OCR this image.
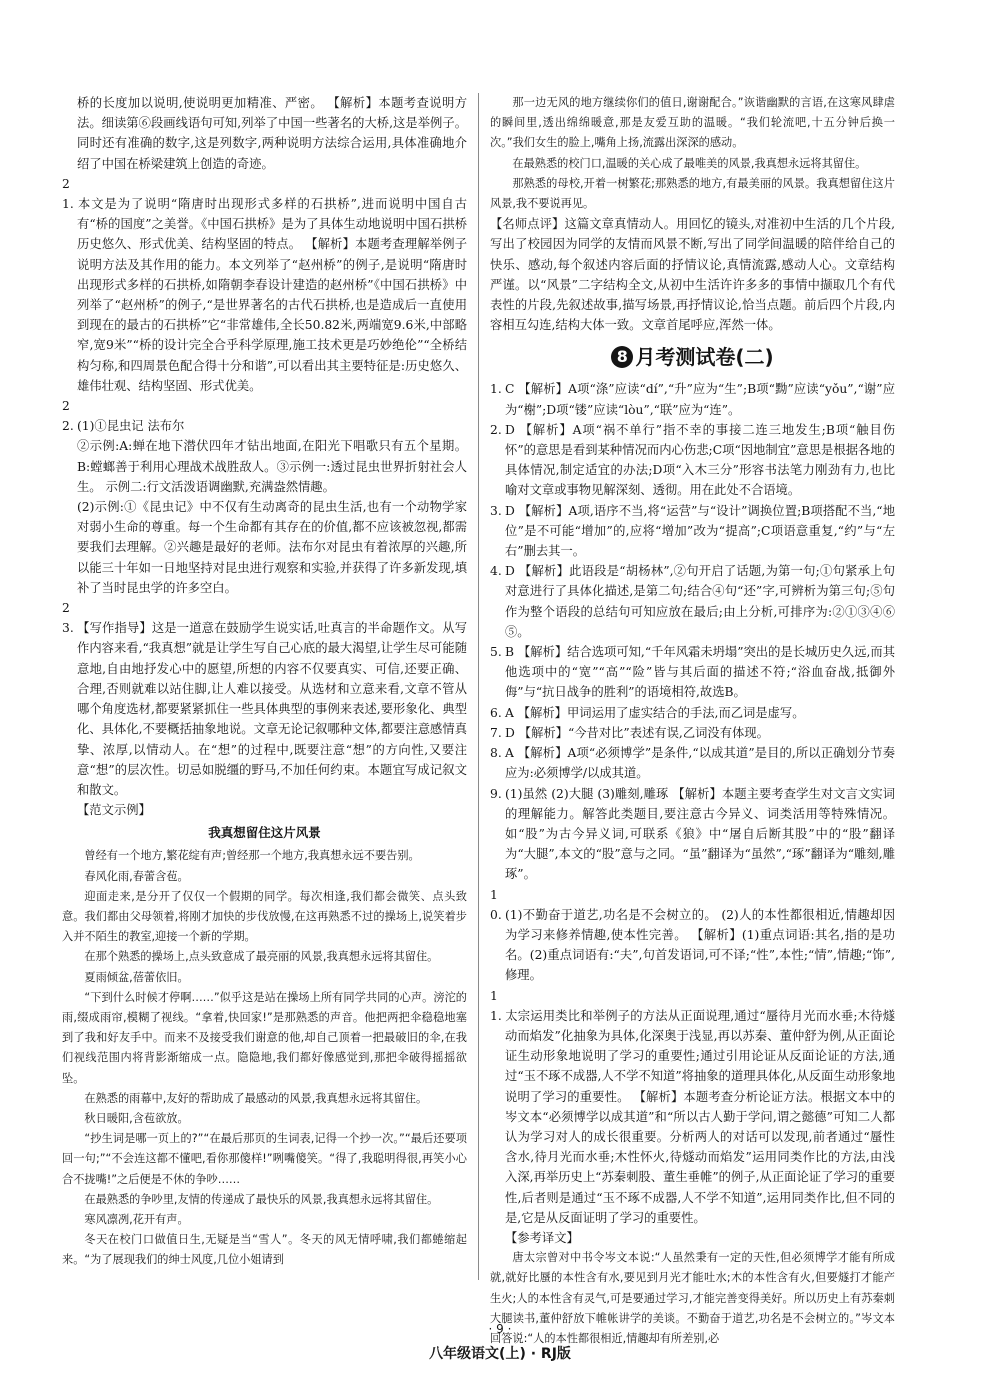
桥的长度加以说明,使说明更加精准、严密。 【解析】本题考查说明方法。细读第⑥段画线语句可知,列举了中国一些著名的大桥,这是举例子。同时还有准确的数字,这是列数字,两种说明方法综合运用,具体准确地介绍了中国在桥梁建筑上创造的奇迹。

21. 本文是为了说明“隋唐时出现形式多样的石拱桥”,进而说明中国自古有“桥的国度”之美誉。《中国石拱桥》是为了具体生动地说明中国石拱桥历史悠久、形式优美、结构坚固的特点。 【解析】本题考查理解举例子说明方法及其作用的能力。本文列举了“赵州桥”的例子,是说明“隋唐时出现形式多样的石拱桥,如隋朝李春设计建造的赵州桥”《中国石拱桥》中列举了“赵州桥”的例子,“是世界著名的古代石拱桥,也是造成后一直使用到现在的最古的石拱桥”它“非常雄伟,全长50.82米,两端宽9.6米,中部略窄,宽9米”“桥的设计完全合乎科学原理,施工技术更是巧妙绝伦”“全桥结构匀称,和四周景色配合得十分和谐”,可以看出其主要特征是:历史悠久、雄伟壮观、结构坚固、形式优美。

22. (1)①昆虫记 法布尔

②示例:A:蝉在地下潜伏四年才钻出地面,在阳光下唱歌只有五个星期。B:螳螂善于利用心理战术战胜敌人。③示例一:透过昆虫世界折射社会人生。 示例二:行文活泼语调幽默,充满盎然情趣。

(2)示例:①《昆虫记》中不仅有生动离奇的昆虫生活,也有一个动物学家对弱小生命的尊重。每一个生命都有其存在的价值,都不应该被忽视,都需要我们去理解。②兴趣是最好的老师。法布尔对昆虫有着浓厚的兴趣,所以能三十年如一日地坚持对昆虫进行观察和实验,并获得了许多新发现,填补了当时昆虫学的许多空白。

23. 【写作指导】这是一道意在鼓励学生说实话,吐真言的半命题作文。从写作内容来看,“我真想”就是让学生写自己心底的最大渴望,让学生尽可能随意地,自由地抒发心中的愿望,所想的内容不仅要真实、可信,还要正确、合理,否则就难以站住脚,让人难以接受。从选材和立意来看,文章不管从哪个角度选材,都要紧紧抓住一些具体典型的事例来表述,要形象化、典型化、具体化,不要概括抽象地说。文章无论记叙哪种文体,都要注意感情真挚、浓厚,以情动人。在“想”的过程中,既要注意“想”的方向性,又要注意“想”的层次性。切忌如脱缰的野马,不加任何约束。本题宜写成记叙文和散文。

【范文示例】

我真想留住这片风景

曾经有一个地方,繁花绽有声;曾经那一个地方,我真想永远不要告别。

春风化雨,春蕾含苞。

迎面走来,是分开了仅仅一个假期的同学。每次相逢,我们都会微笑、点头致意。我们都由父母领着,将刚才加快的步伐放慢,在这再熟悉不过的操场上,说笑着步入并不陌生的教室,迎接一个新的学期。

在那个熟悉的操场上,点头致意成了最亮丽的风景,我真想永远将其留住。

夏雨倾盆,蓓蕾依旧。

“下到什么时候才停啊……”似乎这是站在操场上所有同学共同的心声。滂沱的雨,缀成雨帘,模糊了视线。“拿着,快回家!”是那熟悉的声音。他把两把伞稳稳地塞到了我和好友手中。而来不及接受我们谢意的他,却自己顶着一把最破旧的伞,在我们视线范围内将背影渐缩成一点。隐隐地,我们都好像感觉到,那把伞破得摇摇欲坠。

在熟悉的雨幕中,友好的帮助成了最感动的风景,我真想永远将其留住。

秋日暖阳,含苞欲放。

“抄生词是哪一页上的?”“在最后那页的生词表,记得一个抄一次。”“最后还要项回一句;”“不会连这都不懂吧,看你那傻样!”咧嘴傻笑。“得了,我聪明得很,再笑小心合不拢嘴!”之后便是不休的争吵……

在最熟悉的争吵里,友情的传递成了最快乐的风景,我真想永远将其留住。

寒风凛冽,花开有声。

冬天在校门口做值日生,无疑是当“雪人”。冬天的风无情呼啸,我们都蜷缩起来。“为了展现我们的绅士风度,几位小姐请到

那一边无风的地方继续你们的值日,谢谢配合。”诙谐幽默的言语,在这寒风肆虐的瞬间里,透出绵绵暖意,那是友爱互助的温暖。“我们轮流吧,十五分钟后换一次。”我们女生的脸上,嘴角上扬,流露出深深的感动。

在最熟悉的校门口,温暖的关心成了最唯美的风景,我真想永远将其留住。

那熟悉的母校,开着一树繁花;那熟悉的地方,有最美丽的风景。我真想留住这片风景,我不要说再见。

【名师点评】这篇文章真情动人。用回忆的镜头,对准初中生活的几个片段,写出了校园因为同学的友情而风景不断,写出了同学间温暖的陪伴给自己的快乐、感动,每个叙述内容后面的抒情议论,真情流露,感动人心。文章结构严谨。以“风景”二字结构全文,从初中生活许许多多的事情中撷取几个有代表性的片段,先叙述故事,描写场景,再抒情议论,恰当点题。前后四个片段,内容相互勾连,结构大体一致。文章首尾呼应,浑然一体。

8 月考测试卷(二)

1. C 【解析】A项“涤”应读“dí”,“升”应为“生”;B项“黝”应读“yǒu”,“谢”应为“榭”;D项“镂”应读“lòu”,“联”应为“连”。

2. D 【解析】A项“祸不单行”指不幸的事接二连三地发生;B项“触目伤怀”的意思是看到某种情况而内心伤悲;C项“因地制宜”意思是根据各地的具体情况,制定适宜的办法;D项“入木三分”形容书法笔力刚劲有力,也比喻对文章或事物见解深刻、透彻。用在此处不合语境。

3. D 【解析】A项,语序不当,将“运营”与“设计”调换位置;B项搭配不当,“地位”是不可能“增加”的,应将“增加”改为“提高”;C项语意重复,“约”与“左右”删去其一。

4. D 【解析】此语段是“胡杨林”,②句开启了话题,为第一句;①句紧承上句对意进行了具体化描述,是第二句;结合④句“还”字,可辨析为第三句;⑤句作为整个语段的总结句可知应放在最后;由上分析,可排序为:②①③④⑥⑤。

5. B 【解析】结合选项可知,“千年风霜未坍塌”突出的是长城历史久远,而其他选项中的“宽”“高”“险”皆与其后面的描述不符;“浴血奋战,抵御外侮”与“抗日战争的胜利”的语境相符,故选B。

6. A 【解析】甲词运用了虚实结合的手法,而乙词是虚写。

7. D 【解析】“今昔对比”表述有误,乙词没有体现。

8. A 【解析】A项“必须博学”是条件,“以成其道”是目的,所以正确划分节奏应为:必须博学/以成其道。

9. (1)虽然 (2)大腿 (3)雕刻,雕琢 【解析】本题主要考查学生对文言文实词的理解能力。解答此类题目,要注意古今异义、词类活用等特殊情况。如“股”为古今异义词,可联系《狼》中“屠自后断其股”中的“股”翻译为“大腿”,本文的“股”意与之同。“虽”翻译为“虽然”,“琢”翻译为“雕刻,雕琢”。

10. (1)不勤奋于道艺,功名是不会树立的。 (2)人的本性都很相近,情趣却因为学习来修养情趣,使本性完善。 【解析】(1)重点词语:其名,指的是功名。(2)重点词语有:“夫”,句首发语词,可不译;“性”,本性;“情”,情趣;“饰”,修理。

11. 太宗运用类比和举例子的方法从正面说理,通过“蜃待月光而水垂;木待燧动而焰发”化抽象为具体,化深奥于浅显,再以苏秦、董仲舒为例,从正面论证生动形象地说明了学习的重要性;通过引用论证从反面论证的方法,通过“玉不琢不成器,人不学不知道”将抽象的道理具体化,从反面生动形象地说明了学习的重要性。 【解析】本题考查分析论证方法。根据文本中的岑文本“必须博学以成其道”和“所以古人勤于学问,谓之懿德”可知二人都认为学习对人的成长很重要。分析两人的对话可以发现,前者通过“蜃性含水,待月光而水垂;木性怀火,待燧动而焰发”运用同类作比的方法,由浅入深,再举历史上“苏秦刺股、董生垂帷”的例子,从正面论证了学习的重要性,后者则是通过“玉不琢不成器,人不学不知道”,运用同类作比,但不同的是,它是从反面证明了学习的重要性。

【参考译文】

唐太宗曾对中书令岑文本说:“人虽然秉有一定的天性,但必须博学才能有所成就,就好比蜃的本性含有水,要见到月光才能吐水;木的本性含有火,但要燧打才能产生火;人的本性含有灵气,可是要通过学习,才能完善变得美好。所以历史上有苏秦刺大腿读书,董仲舒放下帷帐讲学的美谈。不勤奋于道艺,功名是不会树立的。”岑文本回答说:“人的本性都很相近,情趣却有所差别,必

· 9 ·
八年级语文(上) · RJ版
